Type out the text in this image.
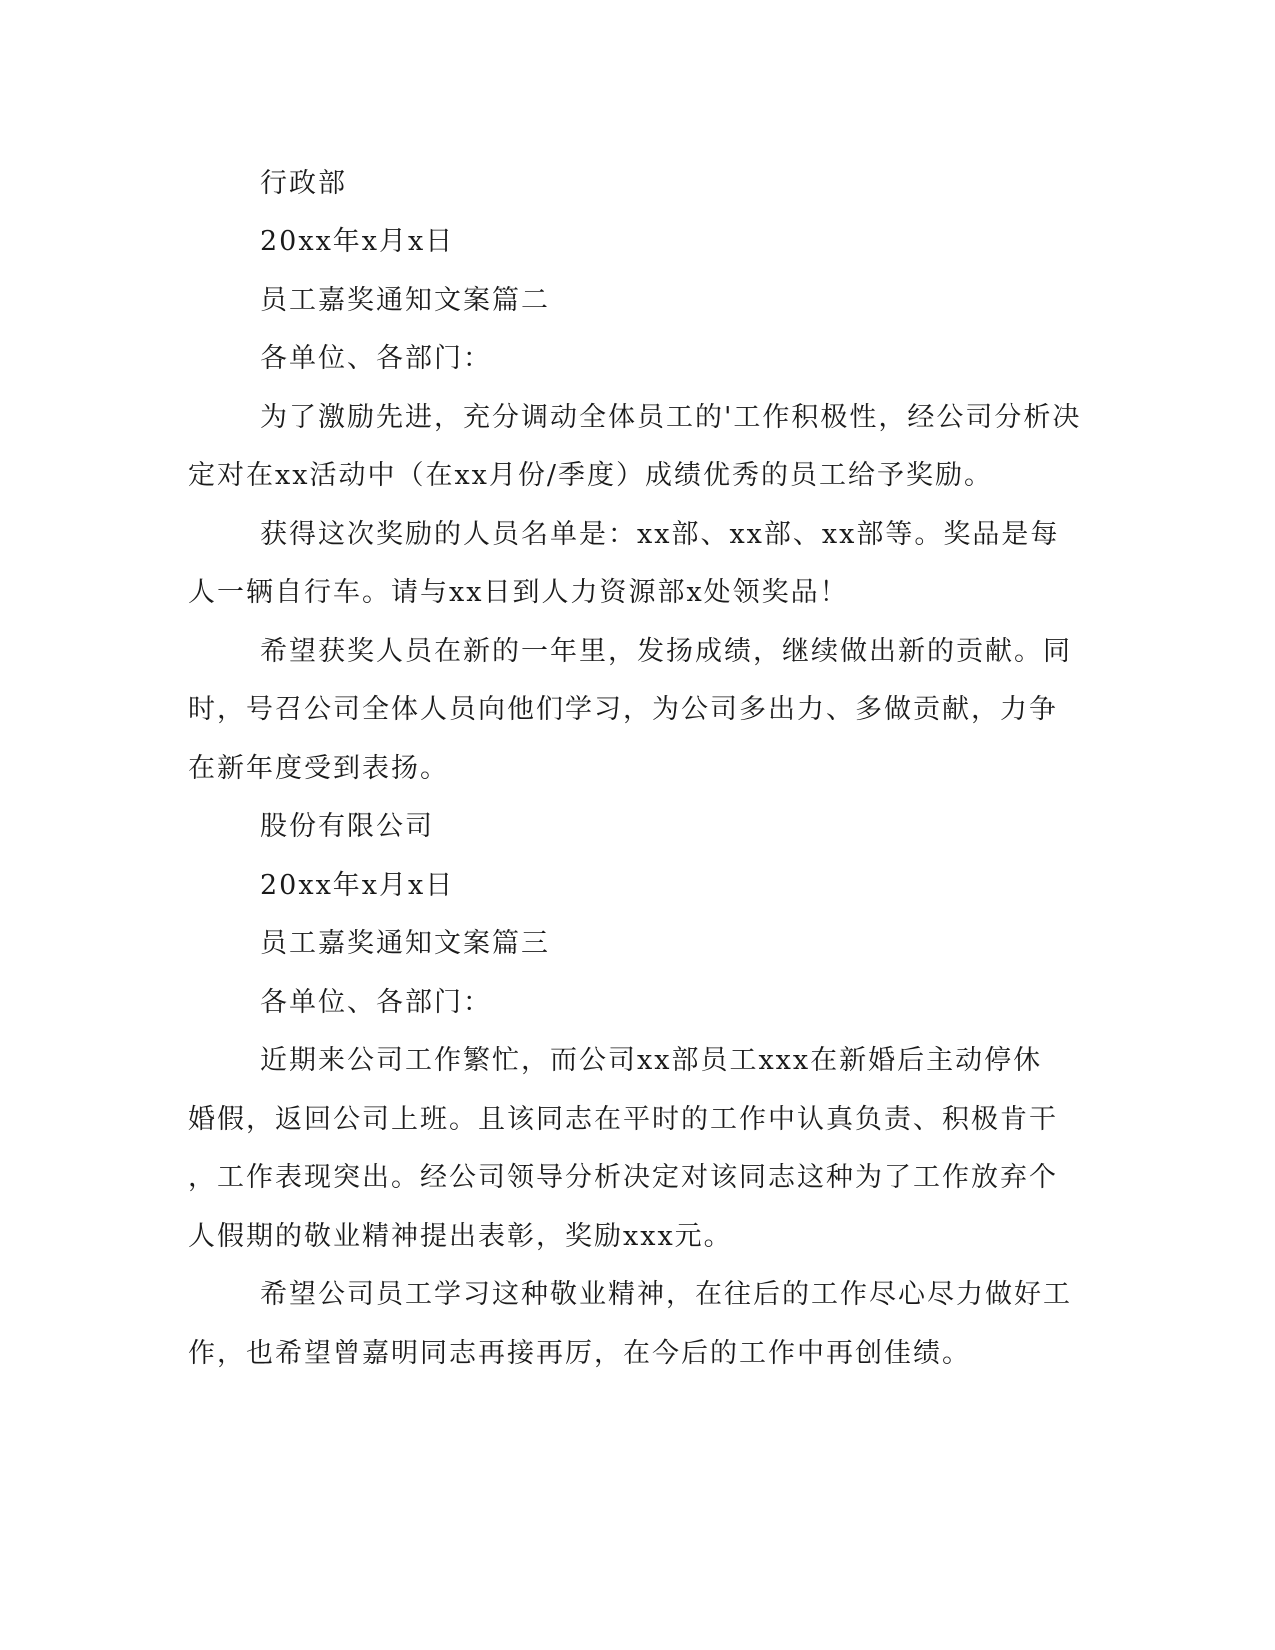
行政部
20xx年x月x日
员工嘉奖通知文案篇二
各单位、各部门：
为了激励先进，充分调动全体员工的'工作积极性，经公司分析决
定对在xx活动中（在xx月份/季度）成绩优秀的员工给予奖励。
获得这次奖励的人员名单是：xx部、xx部、xx部等。奖品是每
人一辆自行车。请与xx日到人力资源部x处领奖品！
希望获奖人员在新的一年里，发扬成绩，继续做出新的贡献。同
时，号召公司全体人员向他们学习，为公司多出力、多做贡献，力争
在新年度受到表扬。
股份有限公司
20xx年x月x日
员工嘉奖通知文案篇三
各单位、各部门：
近期来公司工作繁忙，而公司xx部员工xxx在新婚后主动停休
婚假，返回公司上班。且该同志在平时的工作中认真负责、积极肯干
，工作表现突出。经公司领导分析决定对该同志这种为了工作放弃个
人假期的敬业精神提出表彰，奖励xxx元。
希望公司员工学习这种敬业精神，在往后的工作尽心尽力做好工
作，也希望曾嘉明同志再接再厉，在今后的工作中再创佳绩。
